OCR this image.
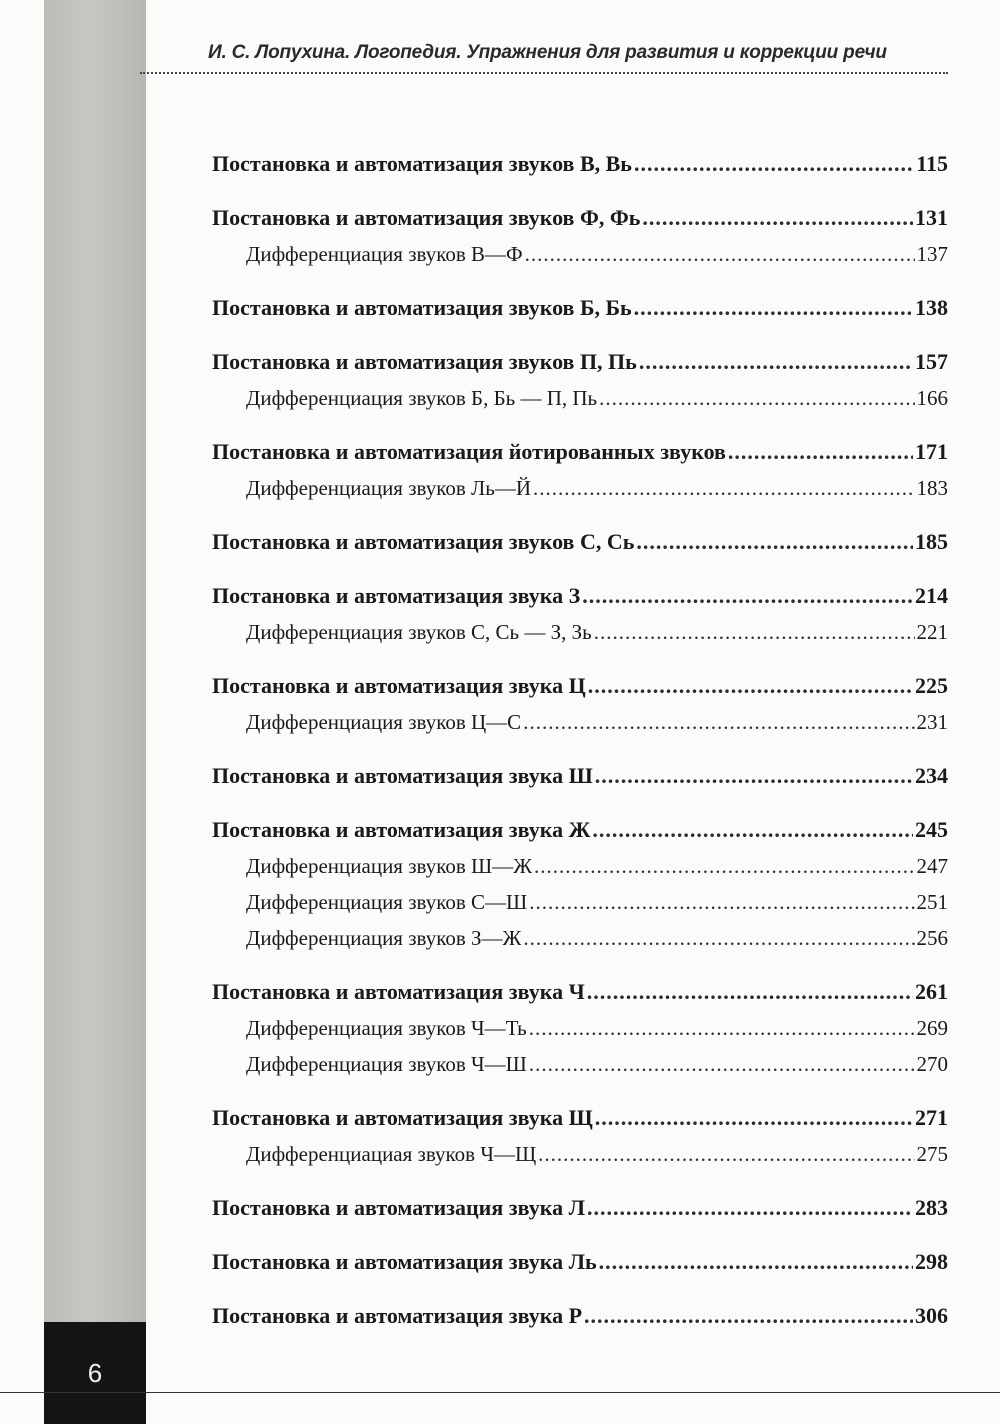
И. С. Лопухина. Логопедия. Упражнения для развития и коррекции речи
Постановка и автоматизация звуков В, Вь .....	115
Постановка и автоматизация звуков Ф, Фь .....	131
Дифференциация звуков В—Ф .....	137
Постановка и автоматизация звуков Б, Бь .....	138
Постановка и автоматизация звуков П, Пь .....	157
Дифференциация звуков Б, Бь — П, Пь .....	166
Постановка и автоматизация йотированных звуков .....	171
Дифференциация звуков Ль—Й .....	183
Постановка и автоматизация звуков С, Сь .....	185
Постановка и автоматизация звука З .....	214
Дифференциация звуков С, Сь — З, Зь .....	221
Постановка и автоматизация звука Ц .....	225
Дифференциация звуков Ц—С .....	231
Постановка и автоматизация звука Ш .....	234
Постановка и автоматизация звука Ж .....	245
Дифференциация звуков Ш—Ж .....	247
Дифференциация звуков С—Ш .....	251
Дифференциация звуков З—Ж .....	256
Постановка и автоматизация звука Ч .....	261
Дифференциация звуков Ч—Ть .....	269
Дифференциация звуков Ч—Ш .....	270
Постановка и автоматизация звука Щ .....	271
Дифференциациая звуков Ч—Щ .....	275
Постановка и автоматизация звука Л .....	283
Постановка и автоматизация звука Ль .....	298
Постановка и автоматизация звука Р .....	306
6
